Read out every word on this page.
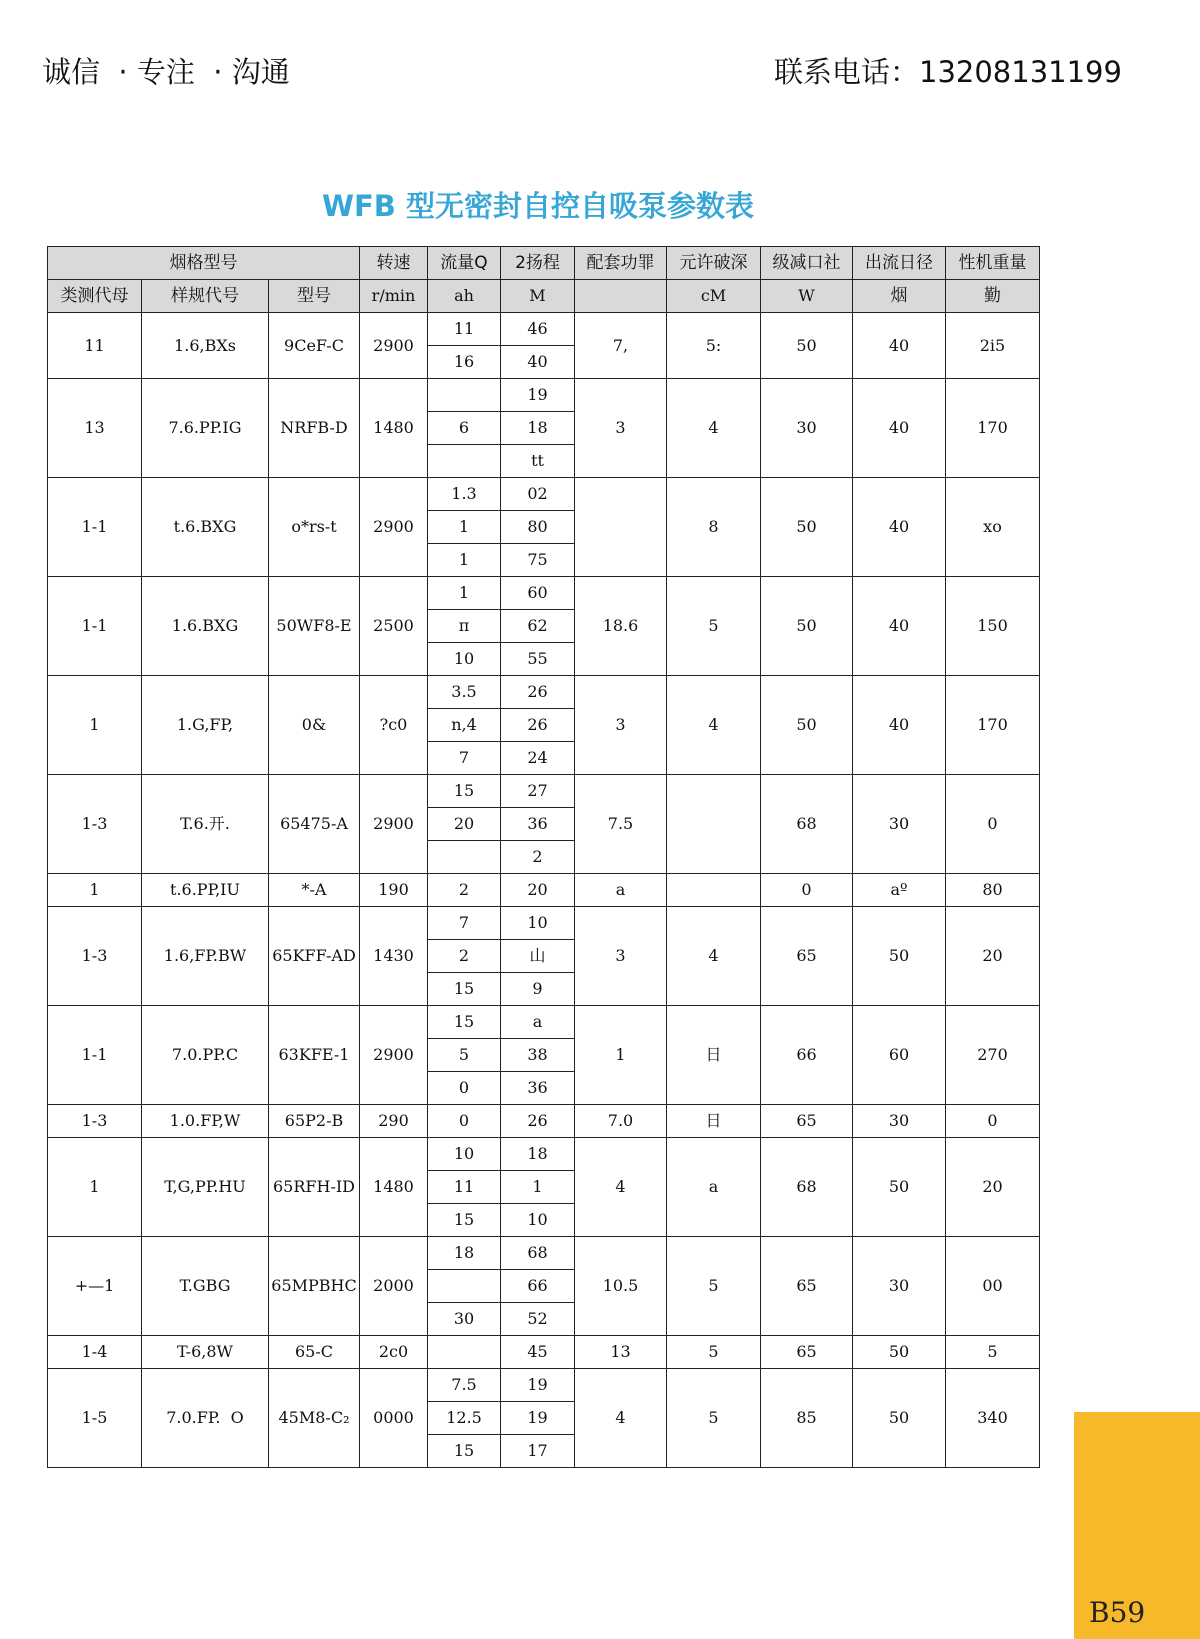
诚信  · 专注  · 沟通	联系电话：13208131199
WFB 型无密封自控自吸泵参数表
烟格型号			转速	流量Q	2扬程	配套功罪	元许破深	级减口社	出流日径	性机重量
类测代母	样规代号	型号	r/min	ah	M		cM	W	烟	勤
11	1.6,BXs	9CeF-C	2900	11	46	7,	5:	50	40	2i5
				16	40					
13	7.6.PP.IG	NRFB-D	1480		19	3	4	30	40	170
				6	18					
					tt					
1-1	t.6.BXG	o*rs-t	2900	1.3	02		8	50	40	xo
				1	80					
				1	75					
1-1	1.6.BXG	50WF8-E	2500	1	60	18.6	5	50	40	150
				π	62					
				10	55					
1	1.G,FP,	0&	?c0	3.5	26	3	4	50	40	170
				n,4	26					
				7	24					
1-3	T.6.开.	65475-A	2900	15	27	7.5		68	30	0
				20	36					
					2					
1	t.6.PP,IU	*-A	190	2	20	a		0	aº	80
1-3	1.6,FP.BW	65KFF-AD	1430	7	10	3	4	65	50	20
				2	山					
				15	9					
1-1	7.0.PP.C	63KFE-1	2900	15	a	1	日	66	60	270
				5	38					
				0	36					
1-3	1.0.FP,W	65P2-B	290	0	26	7.0	日	65	30	0
1	T,G,PP.HU	65RFH-ID	1480	10	18	4	a	68	50	20
				11	1					
				15	10					
+—1	T.GBG	65MPBHC	2000	18	68	10.5	5	65	30	00
					66					
				30	52					
1-4	T-6,8W	65-C	2c0		45	13	5	65	50	5
1-5	7.0.FP.  O	45M8-C₂	0000	7.5	19	4	5	85	50	340
				12.5	19					
				15	17					
B59
